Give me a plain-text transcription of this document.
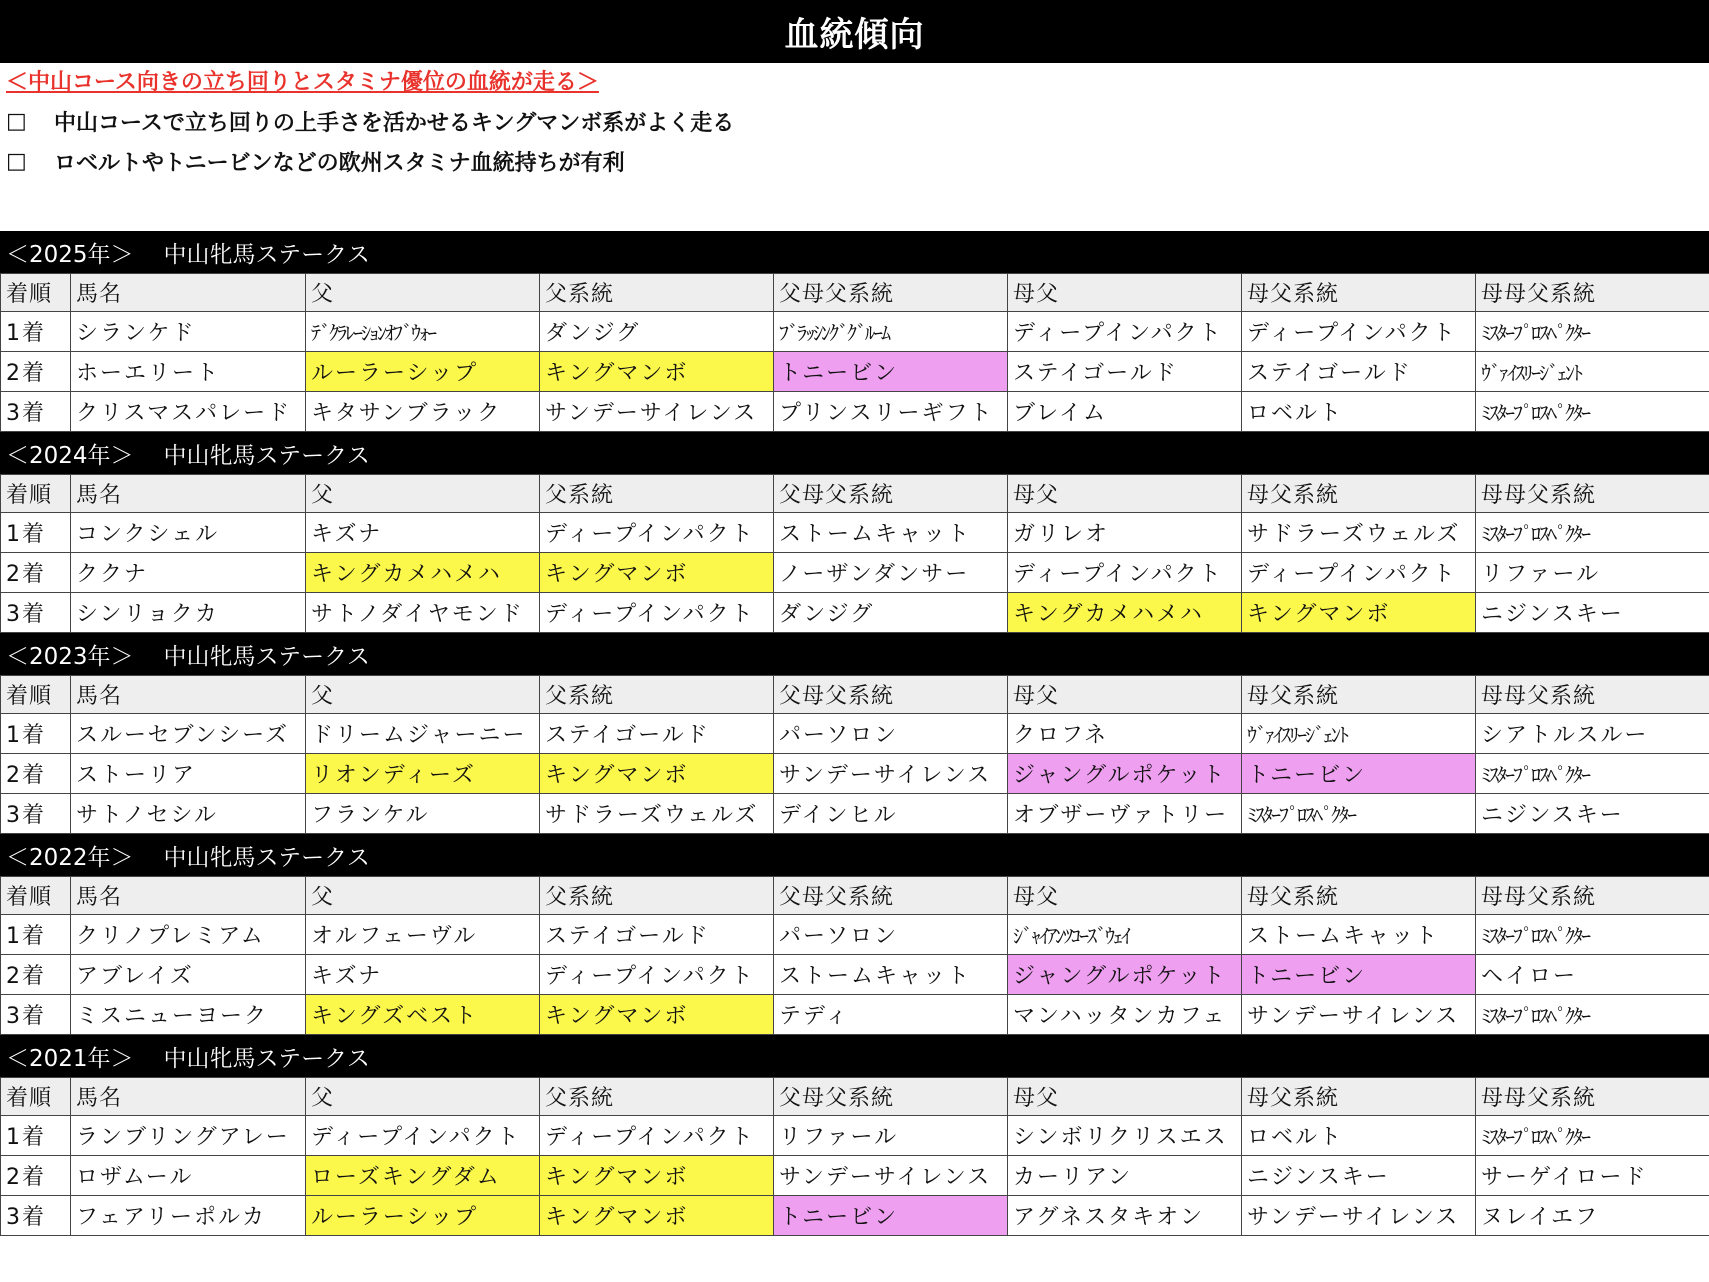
血統傾向
＜中山コース向きの立ち回りとスタミナ優位の血統が走る＞
□	中山コースで立ち回りの上手さを活かせるキングマンボ系がよく走る
□	ロベルトやトニービンなどの欧州スタミナ血統持ちが有利
＜2025年＞ 中山牝馬ステークス
着順	馬名	父	父系統	父母父系統	母父	母父系統	母母父系統
1着	シランケド	ﾃﾞｸﾗﾚｰｼｮﾝｵﾌﾞｳｫｰ	ダンジグ	ﾌﾞﾗｯｼﾝｸﾞｸﾞﾙｰﾑ	ディープインパクト	ディープインパクト	ﾐｽﾀｰﾌﾟﾛｽﾍﾟｸﾀｰ
2着	ホーエリート	ルーラーシップ	キングマンボ	トニービン	ステイゴールド	ステイゴールド	ｳﾞｧｲｽﾘｰｼﾞｪﾝﾄ
3着	クリスマスパレード	キタサンブラック	サンデーサイレンス	プリンスリーギフト	ブレイム	ロベルト	ﾐｽﾀｰﾌﾟﾛｽﾍﾟｸﾀｰ
＜2024年＞ 中山牝馬ステークス
着順	馬名	父	父系統	父母父系統	母父	母父系統	母母父系統
1着	コンクシェル	キズナ	ディープインパクト	ストームキャット	ガリレオ	サドラーズウェルズ	ﾐｽﾀｰﾌﾟﾛｽﾍﾟｸﾀｰ
2着	ククナ	キングカメハメハ	キングマンボ	ノーザンダンサー	ディープインパクト	ディープインパクト	リファール
3着	シンリョクカ	サトノダイヤモンド	ディープインパクト	ダンジグ	キングカメハメハ	キングマンボ	ニジンスキー
＜2023年＞ 中山牝馬ステークス
着順	馬名	父	父系統	父母父系統	母父	母父系統	母母父系統
1着	スルーセブンシーズ	ドリームジャーニー	ステイゴールド	パーソロン	クロフネ	ｳﾞｧｲｽﾘｰｼﾞｪﾝﾄ	シアトルスルー
2着	ストーリア	リオンディーズ	キングマンボ	サンデーサイレンス	ジャングルポケット	トニービン	ﾐｽﾀｰﾌﾟﾛｽﾍﾟｸﾀｰ
3着	サトノセシル	フランケル	サドラーズウェルズ	デインヒル	オブザーヴァトリー	ﾐｽﾀｰﾌﾟﾛｽﾍﾟｸﾀｰ	ニジンスキー
＜2022年＞ 中山牝馬ステークス
着順	馬名	父	父系統	父母父系統	母父	母父系統	母母父系統
1着	クリノプレミアム	オルフェーヴル	ステイゴールド	パーソロン	ｼﾞｬｲｱﾝﾂｺｰｽﾞｳｪｲ	ストームキャット	ﾐｽﾀｰﾌﾟﾛｽﾍﾟｸﾀｰ
2着	アブレイズ	キズナ	ディープインパクト	ストームキャット	ジャングルポケット	トニービン	ヘイロー
3着	ミスニューヨーク	キングズベスト	キングマンボ	テディ	マンハッタンカフェ	サンデーサイレンス	ﾐｽﾀｰﾌﾟﾛｽﾍﾟｸﾀｰ
＜2021年＞ 中山牝馬ステークス
着順	馬名	父	父系統	父母父系統	母父	母父系統	母母父系統
1着	ランブリングアレー	ディープインパクト	ディープインパクト	リファール	シンボリクリスエス	ロベルト	ﾐｽﾀｰﾌﾟﾛｽﾍﾟｸﾀｰ
2着	ロザムール	ローズキングダム	キングマンボ	サンデーサイレンス	カーリアン	ニジンスキー	サーゲイロード
3着	フェアリーポルカ	ルーラーシップ	キングマンボ	トニービン	アグネスタキオン	サンデーサイレンス	ヌレイエフ
